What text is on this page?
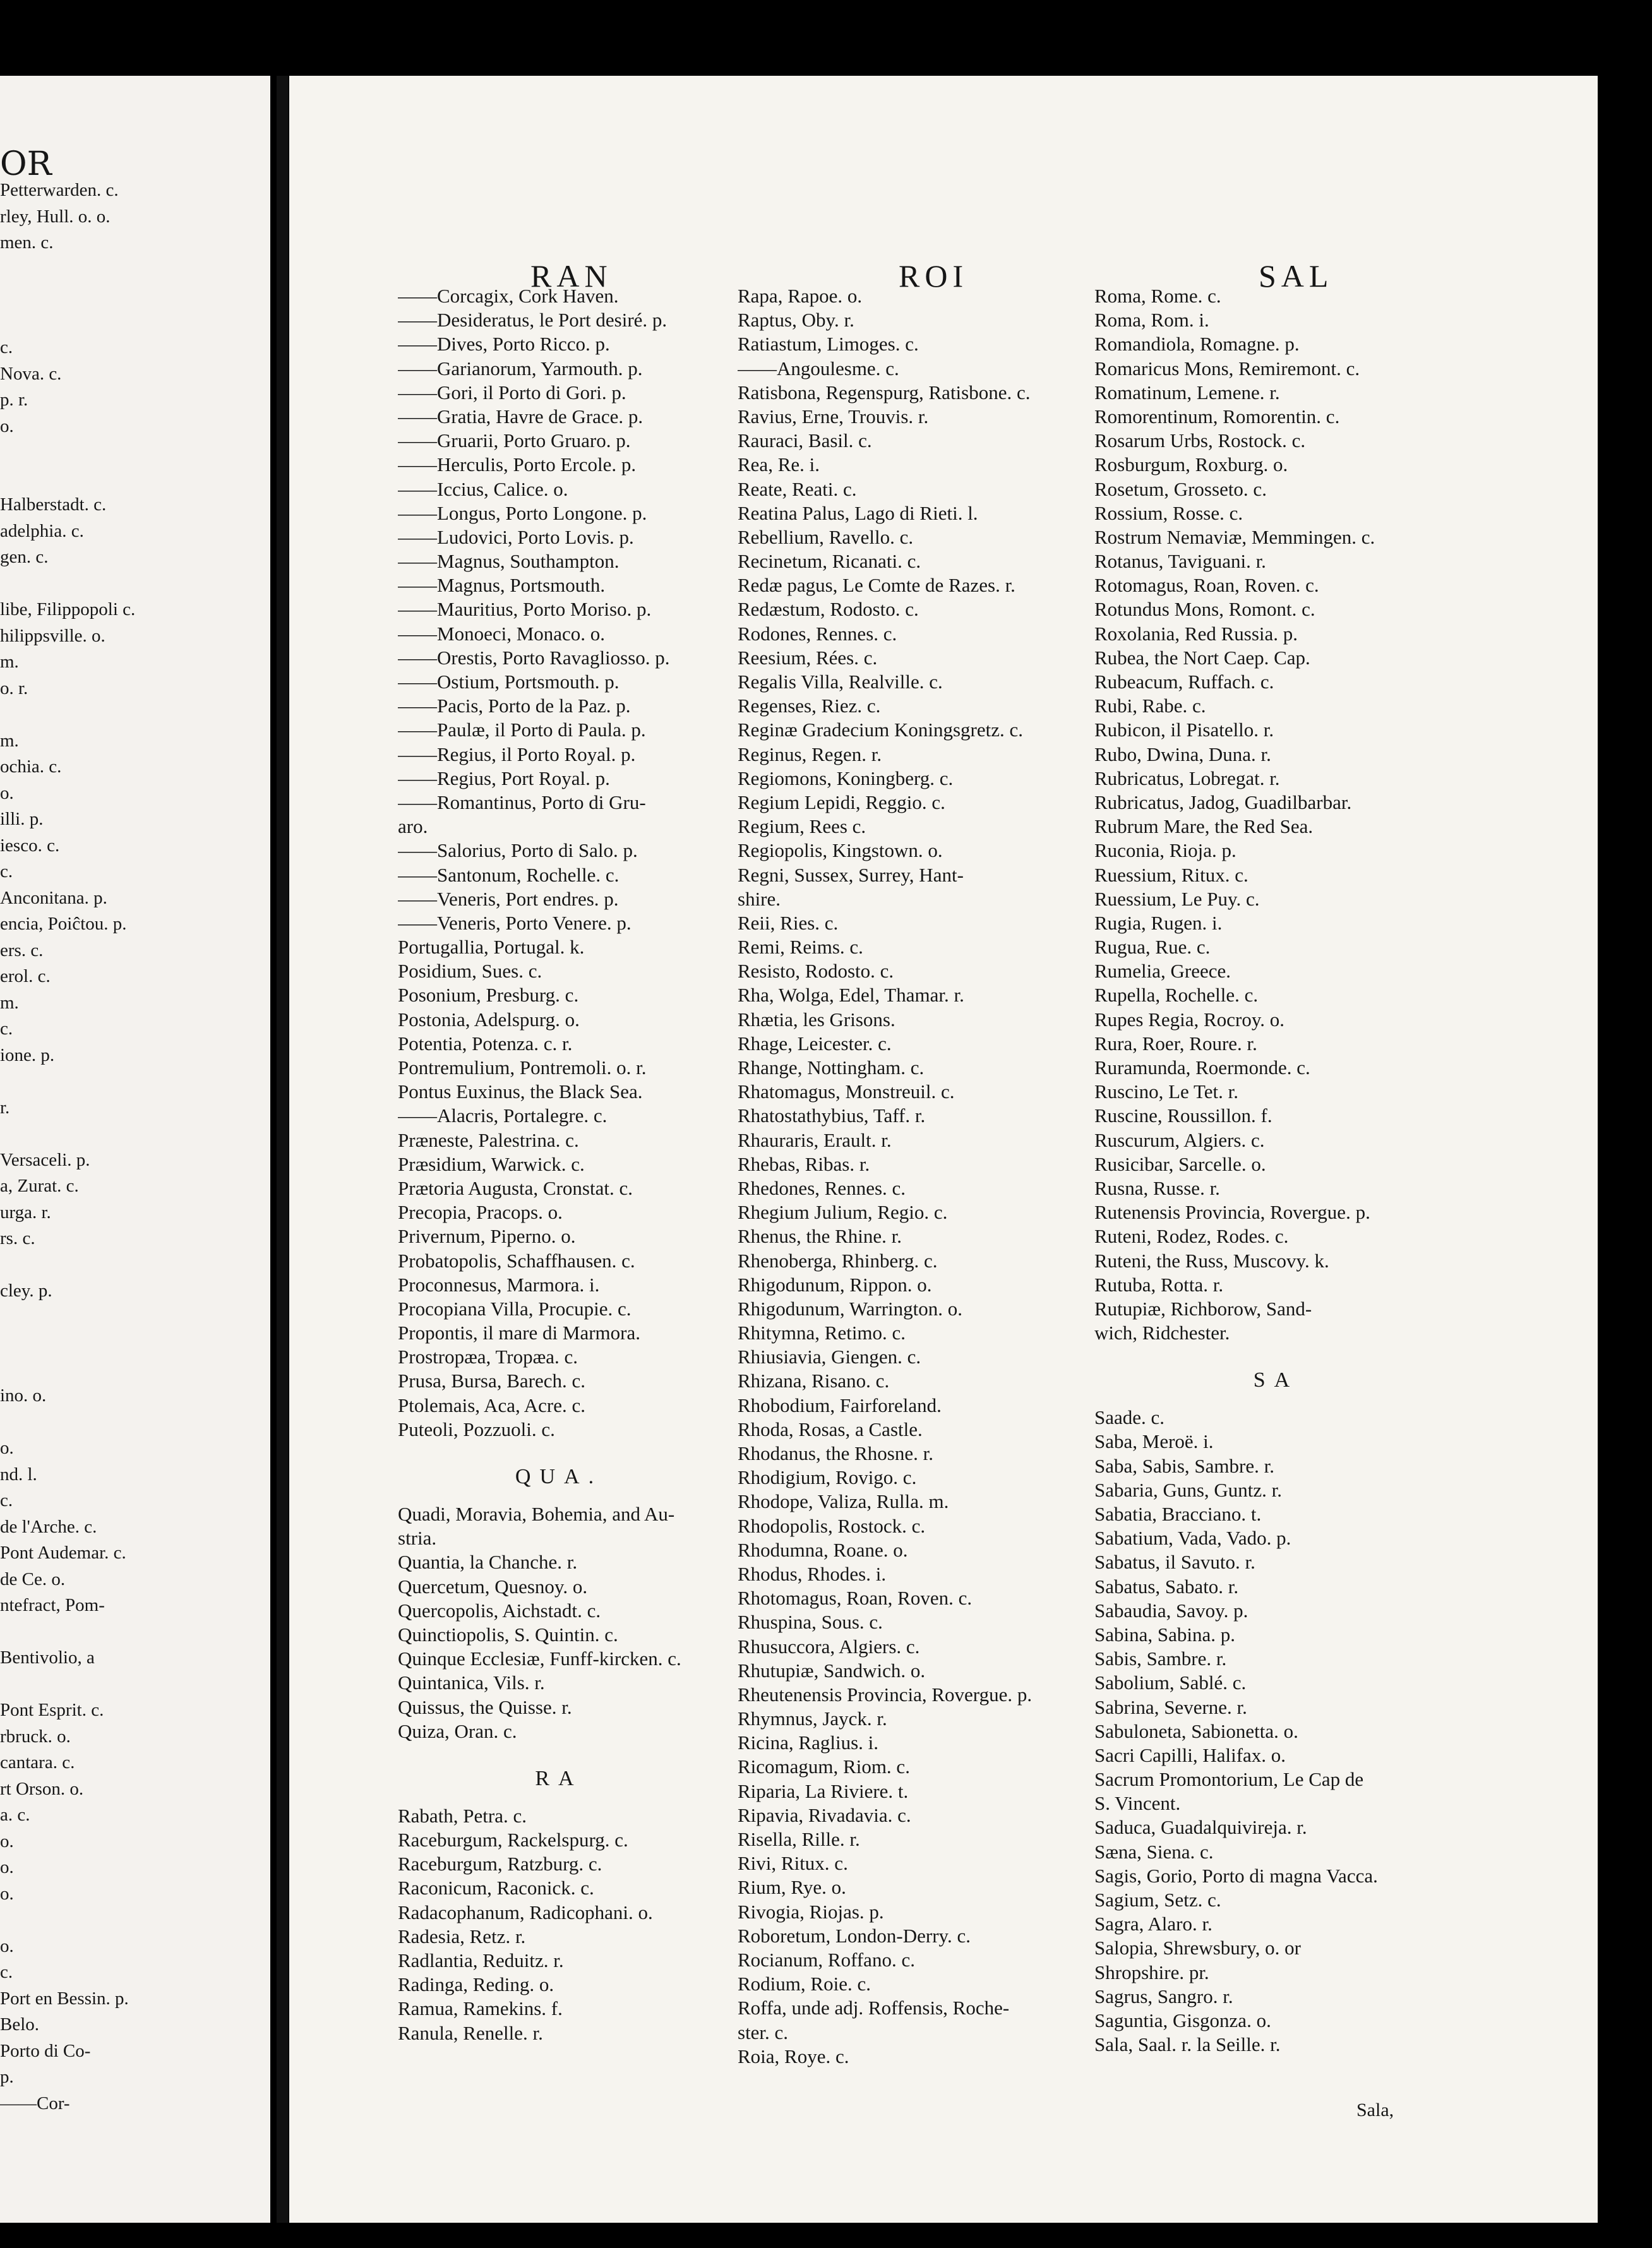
OR
Petterwarden. c.
rley, Hull. o. o.
men. c.
c.
Nova. c.
p. r.
o.
Halberstadt. c.
adelphia. c.
gen. c.
libe, Filippopoli c.
hilippsville. o.
m.
o. r.
m.
ochia. c.
o.
illi. p.
iesco. c.
c.
Anconitana. p.
encia, Poiĉtou. p.
ers. c.
erol. c.
m.
c.
ione. p.
r.
Versaceli. p.
a, Zurat. c.
urga. r.
rs. c.
cley. p.
ino. o.
o.
nd. l.
c.
de l'Arche. c.
Pont Audemar. c.
de Ce. o.
ntefract, Pom-
Bentivolio, a
Pont Esprit. c.
rbruck. o.
cantara. c.
rt Orson. o.
a. c.
o.
o.
o.
o.
c.
Port en Bessin. p.
Belo.
Porto di Co-
p.
——Cor-
RAN	ROI	SAL
——Corcagix, Cork Haven.
——Desideratus, le Port desiré. p.
——Dives, Porto Ricco. p.
——Garianorum, Yarmouth. p.
——Gori, il Porto di Gori. p.
——Gratia, Havre de Grace. p.
——Gruarii, Porto Gruaro. p.
——Herculis, Porto Ercole. p.
——Iccius, Calice. o.
——Longus, Porto Longone. p.
——Ludovici, Porto Lovis. p.
——Magnus, Southampton.
——Magnus, Portsmouth.
——Mauritius, Porto Moriso. p.
——Monoeci, Monaco. o.
——Orestis, Porto Ravagliosso. p.
——Ostium, Portsmouth. p.
——Pacis, Porto de la Paz. p.
——Paulæ, il Porto di Paula. p.
——Regius, il Porto Royal. p.
——Regius, Port Royal. p.
——Romantinus, Porto di Gru-
aro.
——Salorius, Porto di Salo. p.
——Santonum, Rochelle. c.
——Veneris, Port endres. p.
——Veneris, Porto Venere. p.
Portugallia, Portugal. k.
Posidium, Sues. c.
Posonium, Presburg. c.
Postonia, Adelspurg. o.
Potentia, Potenza. c. r.
Pontremulium, Pontremoli. o. r.
Pontus Euxinus, the Black Sea.
——Alacris, Portalegre. c.
Præneste, Palestrina. c.
Præsidium, Warwick. c.
Prætoria Augusta, Cronstat. c.
Precopia, Pracops. o.
Privernum, Piperno. o.
Probatopolis, Schaffhausen. c.
Proconnesus, Marmora. i.
Procopiana Villa, Procupie. c.
Propontis, il mare di Marmora.
Prostropæa, Tropæa. c.
Prusa, Bursa, Barech. c.
Ptolemais, Aca, Acre. c.
Puteoli, Pozzuoli. c.
QUA.
Quadi, Moravia, Bohemia, and Au-
stria.
Quantia, la Chanche. r.
Quercetum, Quesnoy. o.
Quercopolis, Aichstadt. c.
Quinctiopolis, S. Quintin. c.
Quinque Ecclesiæ, Funff-kircken. c.
Quintanica, Vils. r.
Quissus, the Quisse. r.
Quiza, Oran. c.
RA
Rabath, Petra. c.
Raceburgum, Rackelspurg. c.
Raceburgum, Ratzburg. c.
Raconicum, Raconick. c.
Radacophanum, Radicophani. o.
Radesia, Retz. r.
Radlantia, Reduitz. r.
Radinga, Reding. o.
Ramua, Ramekins. f.
Ranula, Renelle. r.
Rapa, Rapoe. o.
Raptus, Oby. r.
Ratiastum, Limoges. c.
——Angoulesme. c.
Ratisbona, Regenspurg, Ratisbone. c.
Ravius, Erne, Trouvis. r.
Rauraci, Basil. c.
Rea, Re. i.
Reate, Reati. c.
Reatina Palus, Lago di Rieti. l.
Rebellium, Ravello. c.
Recinetum, Ricanati. c.
Redæ pagus, Le Comte de Razes. r.
Redæstum, Rodosto. c.
Rodones, Rennes. c.
Reesium, Rées. c.
Regalis Villa, Realville. c.
Regenses, Riez. c.
Reginæ Gradecium Koningsgretz. c.
Reginus, Regen. r.
Regiomons, Koningberg. c.
Regium Lepidi, Reggio. c.
Regium, Rees c.
Regiopolis, Kingstown. o.
Regni, Sussex, Surrey, Hant-
shire.
Reii, Ries. c.
Remi, Reims. c.
Resisto, Rodosto. c.
Rha, Wolga, Edel, Thamar. r.
Rhætia, les Grisons.
Rhage, Leicester. c.
Rhange, Nottingham. c.
Rhatomagus, Monstreuil. c.
Rhatostathybius, Taff. r.
Rhauraris, Erault. r.
Rhebas, Ribas. r.
Rhedones, Rennes. c.
Rhegium Julium, Regio. c.
Rhenus, the Rhine. r.
Rhenoberga, Rhinberg. c.
Rhigodunum, Rippon. o.
Rhigodunum, Warrington. o.
Rhitymna, Retimo. c.
Rhiusiavia, Giengen. c.
Rhizana, Risano. c.
Rhobodium, Fairforeland.
Rhoda, Rosas, a Castle.
Rhodanus, the Rhosne. r.
Rhodigium, Rovigo. c.
Rhodope, Valiza, Rulla. m.
Rhodopolis, Rostock. c.
Rhodumna, Roane. o.
Rhodus, Rhodes. i.
Rhotomagus, Roan, Roven. c.
Rhuspina, Sous. c.
Rhusuccora, Algiers. c.
Rhutupiæ, Sandwich. o.
Rheutenensis Provincia, Rovergue. p.
Rhymnus, Jayck. r.
Ricina, Raglius. i.
Ricomagum, Riom. c.
Riparia, La Riviere. t.
Ripavia, Rivadavia. c.
Risella, Rille. r.
Rivi, Ritux. c.
Rium, Rye. o.
Rivogia, Riojas. p.
Roboretum, London-Derry. c.
Rocianum, Roffano. c.
Rodium, Roie. c.
Roffa, unde adj. Roffensis, Roche-
ster. c.
Roia, Roye. c.
Roma, Rome. c.
Roma, Rom. i.
Romandiola, Romagne. p.
Romaricus Mons, Remiremont. c.
Romatinum, Lemene. r.
Romorentinum, Romorentin. c.
Rosarum Urbs, Rostock. c.
Rosburgum, Roxburg. o.
Rosetum, Grosseto. c.
Rossium, Rosse. c.
Rostrum Nemaviæ, Memmingen. c.
Rotanus, Taviguani. r.
Rotomagus, Roan, Roven. c.
Rotundus Mons, Romont. c.
Roxolania, Red Russia. p.
Rubea, the Nort Caep. Cap.
Rubeacum, Ruffach. c.
Rubi, Rabe. c.
Rubicon, il Pisatello. r.
Rubo, Dwina, Duna. r.
Rubricatus, Lobregat. r.
Rubricatus, Jadog, Guadilbarbar.
Rubrum Mare, the Red Sea.
Ruconia, Rioja. p.
Ruessium, Ritux. c.
Ruessium, Le Puy. c.
Rugia, Rugen. i.
Rugua, Rue. c.
Rumelia, Greece.
Rupella, Rochelle. c.
Rupes Regia, Rocroy. o.
Rura, Roer, Roure. r.
Ruramunda, Roermonde. c.
Ruscino, Le Tet. r.
Ruscine, Roussillon. f.
Ruscurum, Algiers. c.
Rusicibar, Sarcelle. o.
Rusna, Russe. r.
Rutenensis Provincia, Rovergue. p.
Ruteni, Rodez, Rodes. c.
Ruteni, the Russ, Muscovy. k.
Rutuba, Rotta. r.
Rutupiæ, Richborow, Sand-
wich, Ridchester.
SA
Saade. c.
Saba, Meroë. i.
Saba, Sabis, Sambre. r.
Sabaria, Guns, Guntz. r.
Sabatia, Bracciano. t.
Sabatium, Vada, Vado. p.
Sabatus, il Savuto. r.
Sabatus, Sabato. r.
Sabaudia, Savoy. p.
Sabina, Sabina. p.
Sabis, Sambre. r.
Sabolium, Sablé. c.
Sabrina, Severne. r.
Sabuloneta, Sabionetta. o.
Sacri Capilli, Halifax. o.
Sacrum Promontorium, Le Cap de
S. Vincent.
Saduca, Guadalquivireja. r.
Sæna, Siena. c.
Sagis, Gorio, Porto di magna Vacca.
Sagium, Setz. c.
Sagra, Alaro. r.
Salopia, Shrewsbury, o. or
Shropshire. pr.
Sagrus, Sangro. r.
Saguntia, Gisgonza. o.
Sala, Saal. r. la Seille. r.
Sala,
